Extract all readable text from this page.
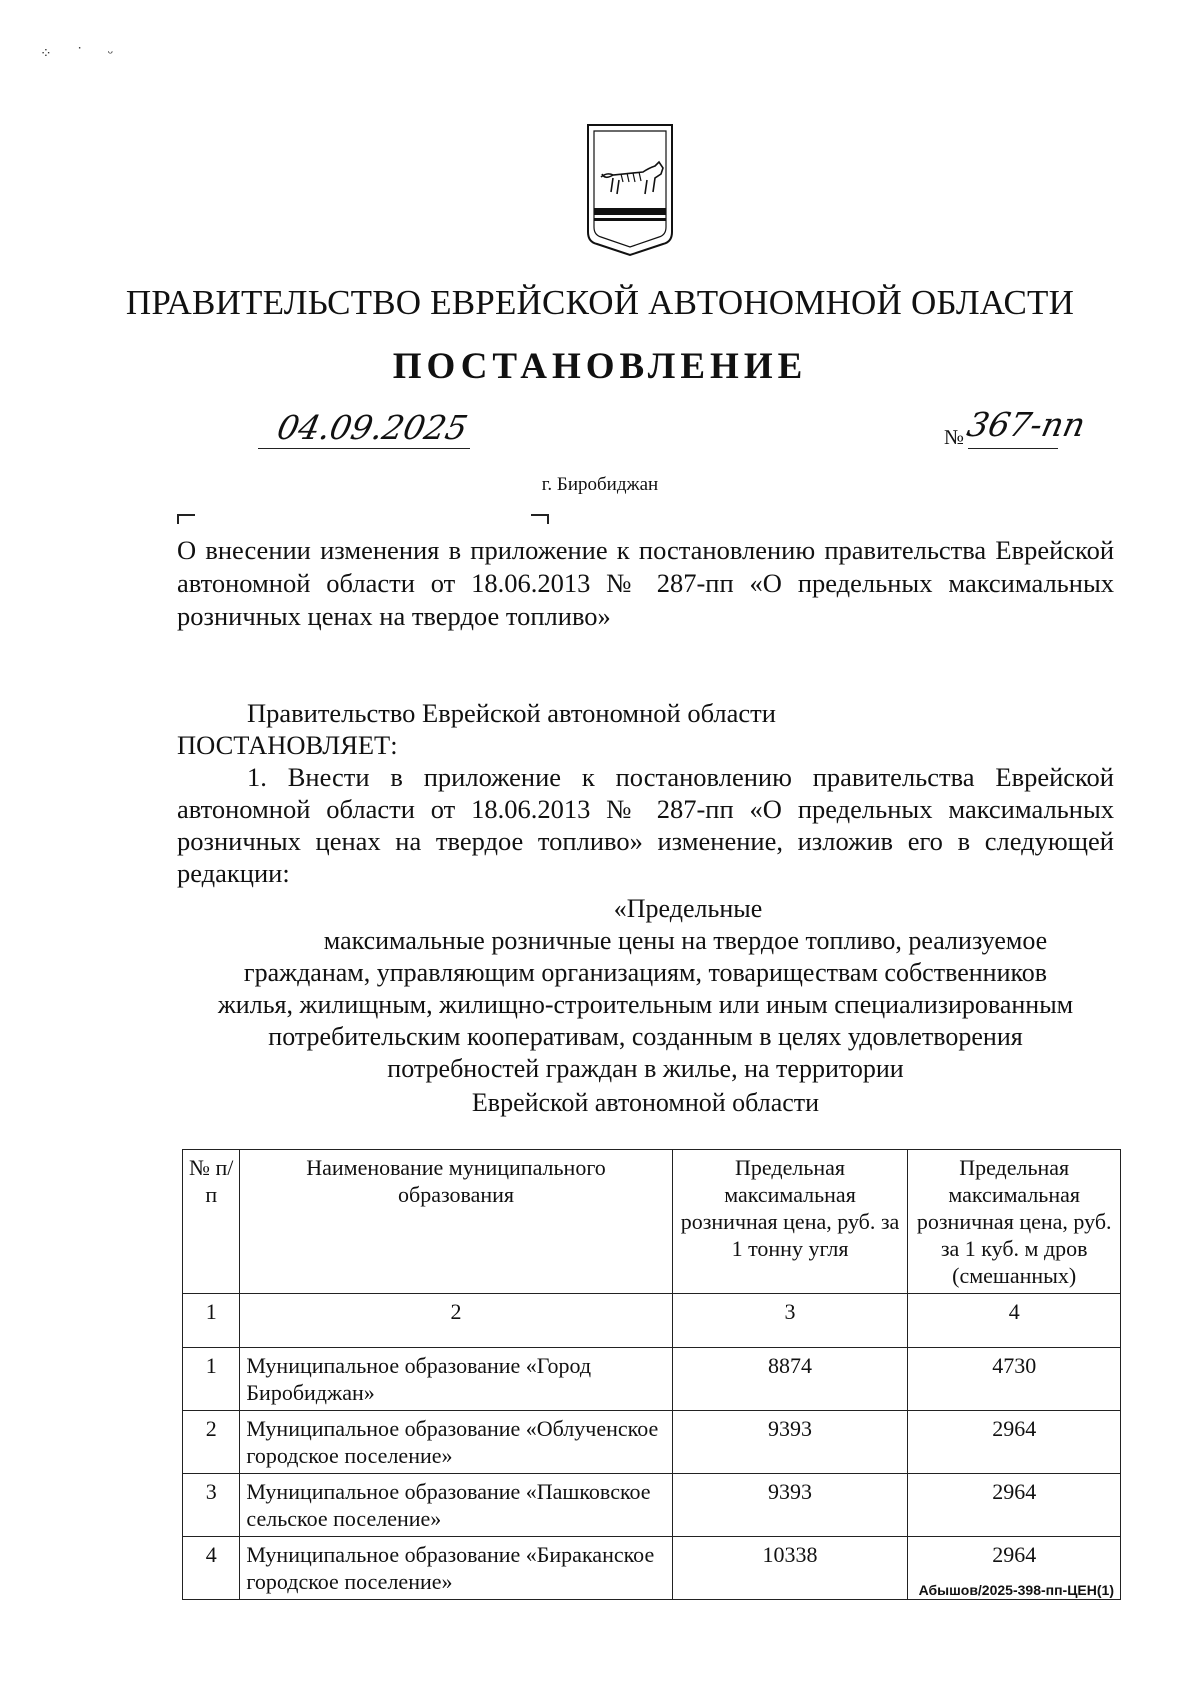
⁘ ˙ ᵕ
ПРАВИТЕЛЬСТВО ЕВРЕЙСКОЙ АВТОНОМНОЙ ОБЛАСТИ
ПОСТАНОВЛЕНИЕ
04.09.2025	№ 367-пп
г. Биробиджан
О внесении изменения в приложение к постановлению правительства Еврейской автономной области от 18.06.2013 № 287-пп «О предельных максимальных розничных ценах на твердое топливо»
Правительство Еврейской автономной области
ПОСТАНОВЛЯЕТ:
1. Внести в приложение к постановлению правительства Еврейской автономной области от 18.06.2013 № 287-пп «О предельных максимальных розничных ценах на твердое топливо» изменение, изложив его в следующей редакции:
«Предельные
максимальные розничные цены на твердое топливо, реализуемое
гражданам, управляющим организациям, товариществам собственников
жилья, жилищным, жилищно-строительным или иным специализированным
потребительским кооперативам, созданным в целях удовлетворения
потребностей граждан в жилье, на территории
Еврейской автономной области
№ п/п	Наименование муниципального образования	Предельная максимальная розничная цена, руб. за 1 тонну угля	Предельная максимальная розничная цена, руб. за 1 куб. м дров (смешанных)
1	2	3	4
1	Муниципальное образование «Город Биробиджан»	8874	4730
2	Муниципальное образование «Облученское городское поселение»	9393	2964
3	Муниципальное образование «Пашковское сельское поселение»	9393	2964
4	Муниципальное образование «Бираканское городское поселение»	10338	2964
Абышов/2025-398-пп-ЦЕН(1)
